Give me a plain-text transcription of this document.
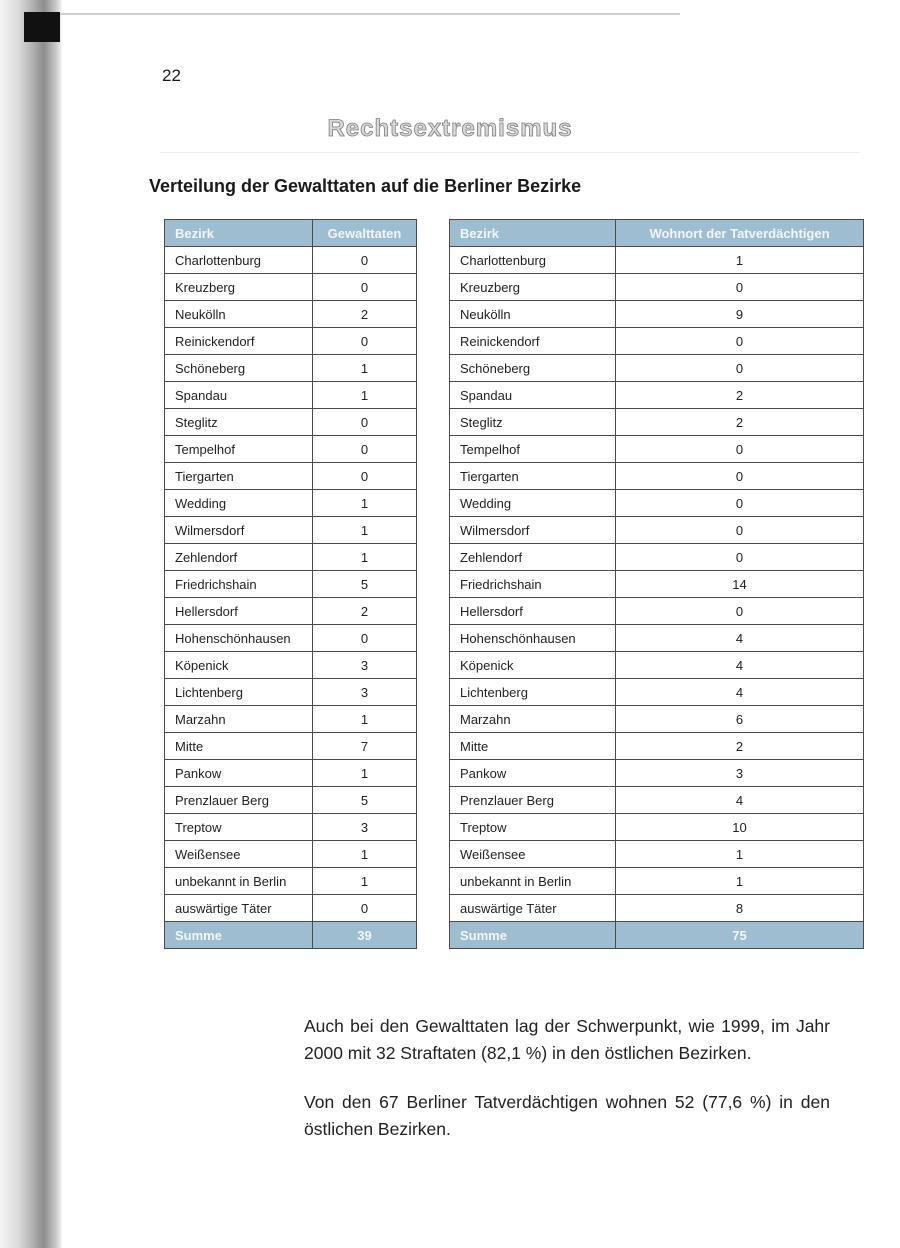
22
Rechtsextremismus
Verteilung der Gewalttaten auf die Berliner Bezirke
Bezirk	Gewalttaten
Charlottenburg	0
Kreuzberg	0
Neukölln	2
Reinickendorf	0
Schöneberg	1
Spandau	1
Steglitz	0
Tempelhof	0
Tiergarten	0
Wedding	1
Wilmersdorf	1
Zehlendorf	1
Friedrichshain	5
Hellersdorf	2
Hohenschönhausen	0
Köpenick	3
Lichtenberg	3
Marzahn	1
Mitte	7
Pankow	1
Prenzlauer Berg	5
Treptow	3
Weißensee	1
unbekannt in Berlin	1
auswärtige Täter	0
Summe	39
Bezirk	Wohnort der Tatverdächtigen
Charlottenburg	1
Kreuzberg	0
Neukölln	9
Reinickendorf	0
Schöneberg	0
Spandau	2
Steglitz	2
Tempelhof	0
Tiergarten	0
Wedding	0
Wilmersdorf	0
Zehlendorf	0
Friedrichshain	14
Hellersdorf	0
Hohenschönhausen	4
Köpenick	4
Lichtenberg	4
Marzahn	6
Mitte	2
Pankow	3
Prenzlauer Berg	4
Treptow	10
Weißensee	1
unbekannt in Berlin	1
auswärtige Täter	8
Summe	75

Auch bei den Gewalttaten lag der Schwerpunkt, wie 1999, im Jahr 2000 mit 32 Straftaten (82,1 %) in den östlichen Bezirken.

Von den 67 Berliner Tatverdächtigen wohnen 52 (77,6 %) in den östlichen Bezirken.
